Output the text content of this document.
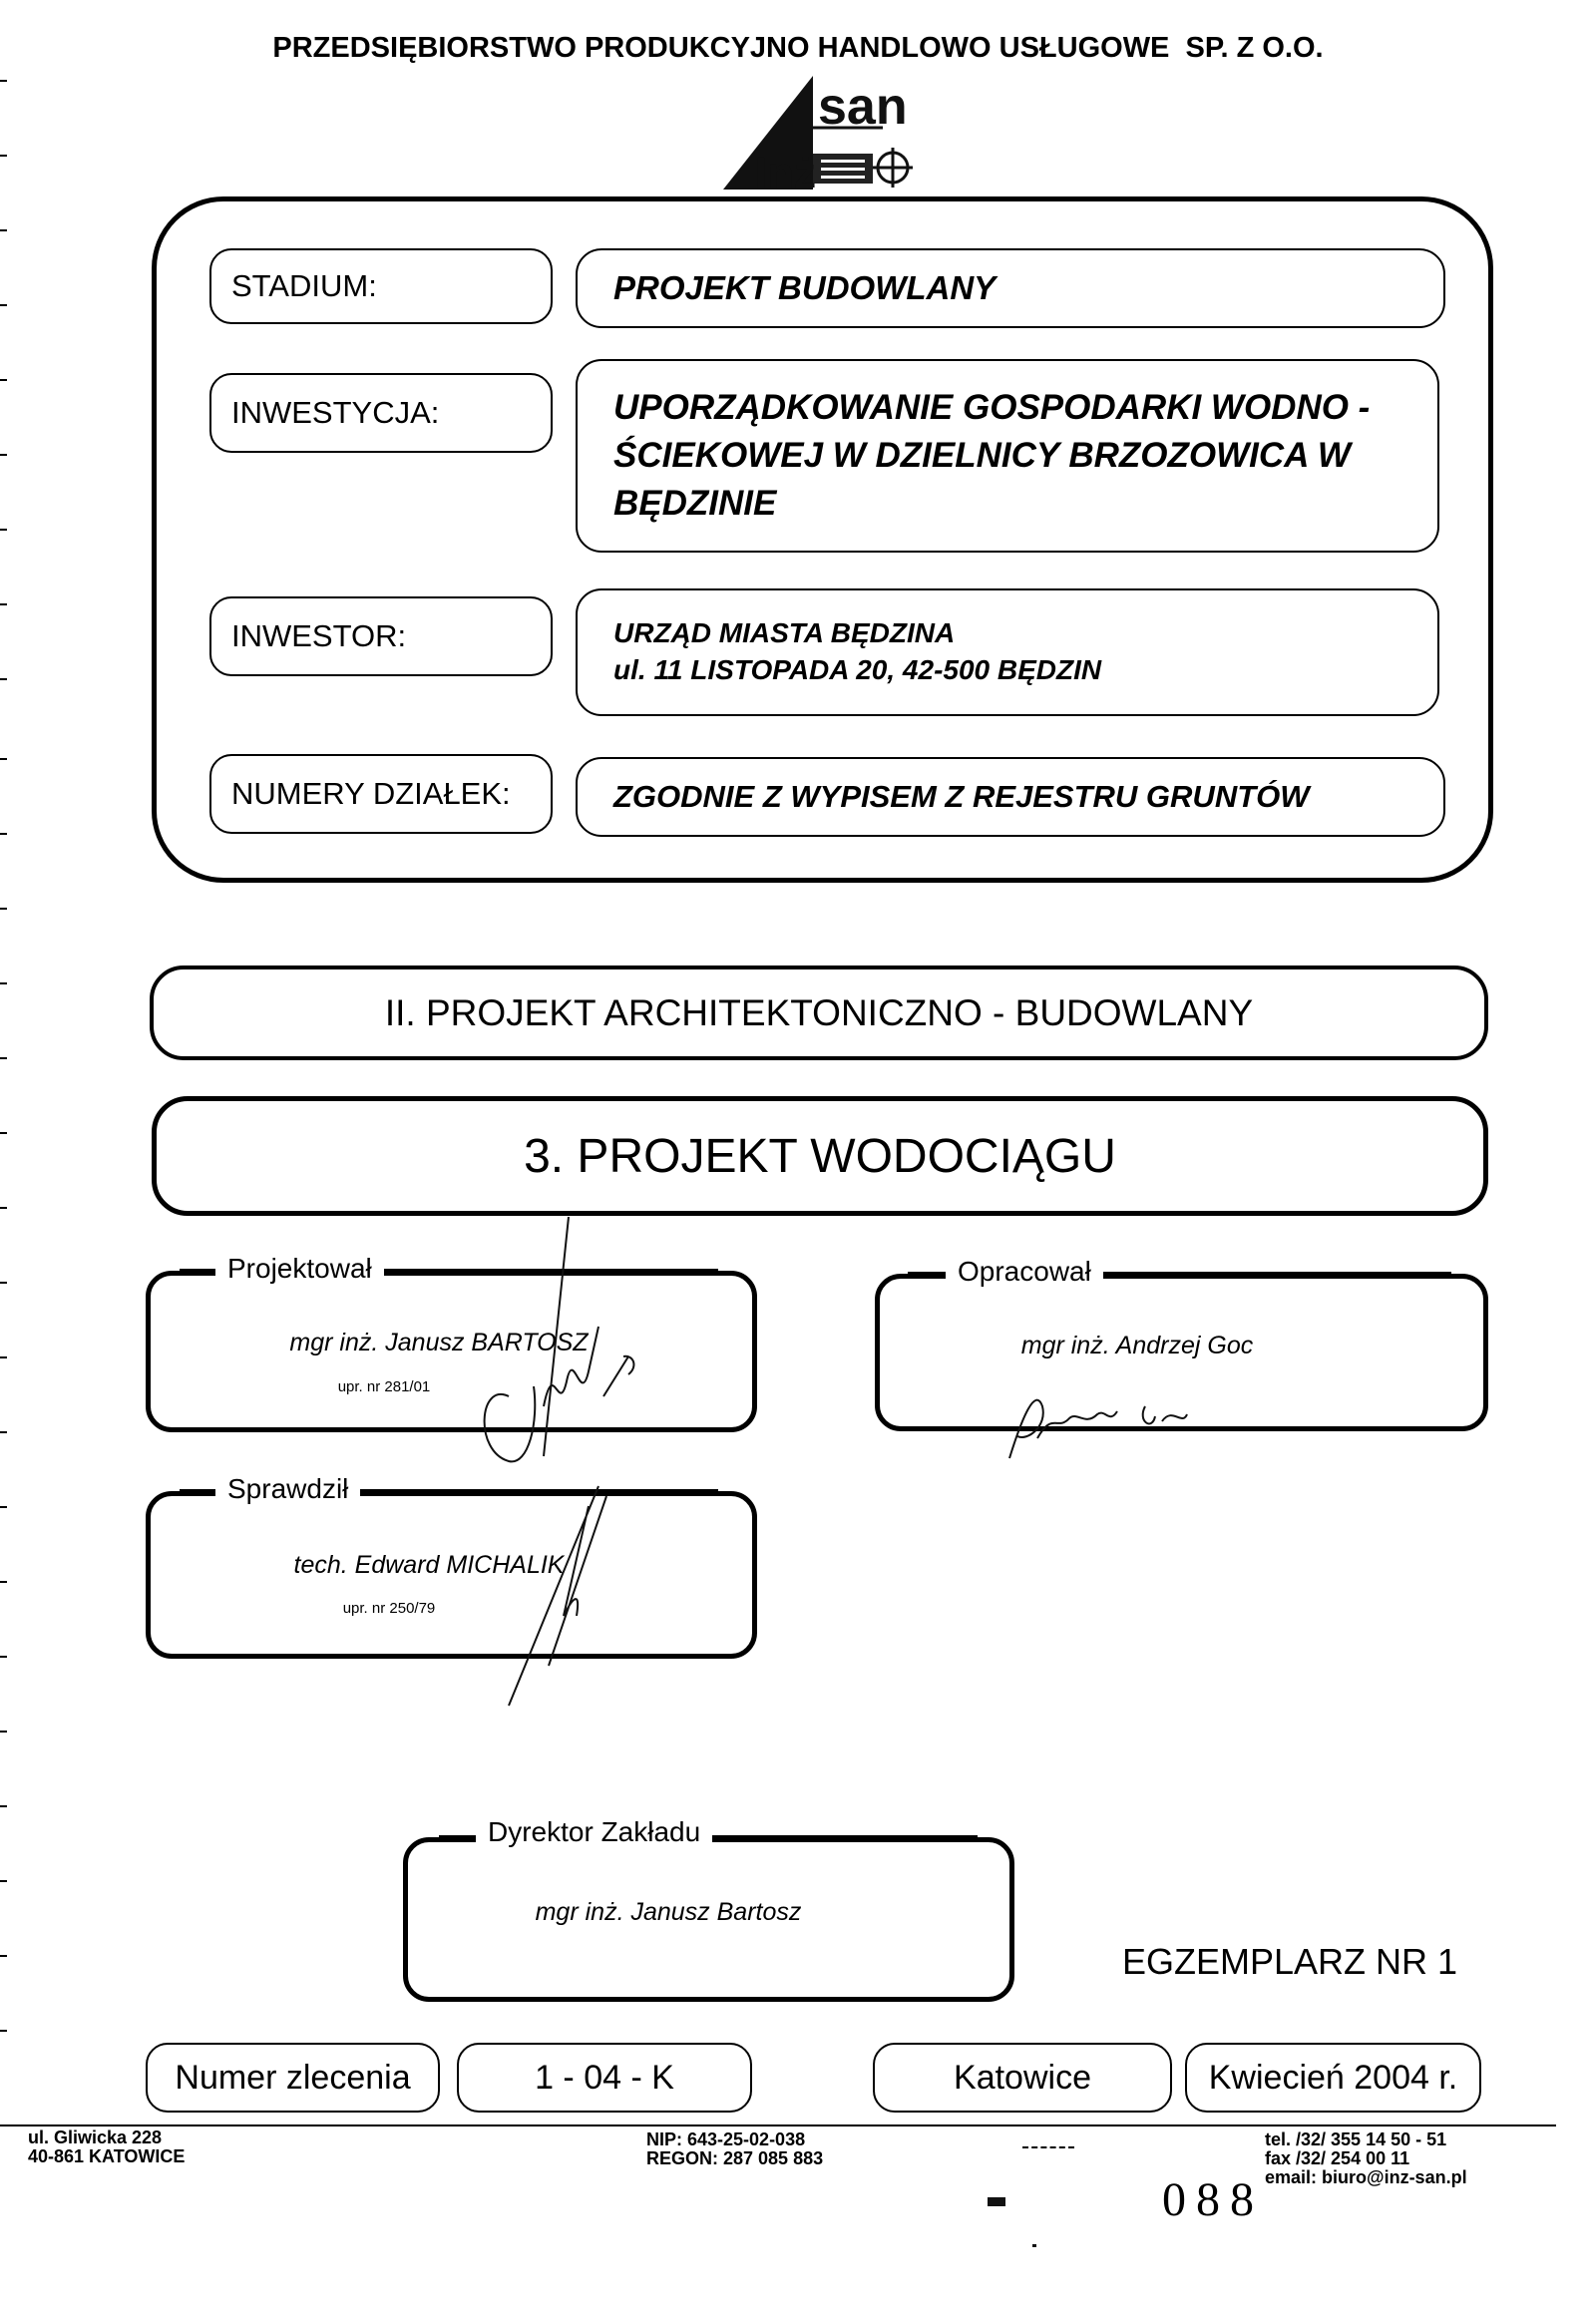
PRZEDSIĘBIORSTWO PRODUKCYJNO HANDLOWO USŁUGOWE  SP. Z O.O.
san
Inż
STADIUM:	PROJEKT BUDOWLANY
INWESTYCJA:	UPORZĄDKOWANIE GOSPODARKI WODNO -
ŚCIEKOWEJ W DZIELNICY BRZOZOWICA W
BĘDZINIE
INWESTOR:	URZĄD MIASTA BĘDZINA
ul. 11 LISTOPADA 20, 42-500 BĘDZIN
NUMERY DZIAŁEK:	ZGODNIE Z WYPISEM Z REJESTRU GRUNTÓW
II. PROJEKT ARCHITEKTONICZNO - BUDOWLANY
3. PROJEKT WODOCIĄGU
Projektował
mgr inż. Janusz BARTOSZ
upr. nr 281/01
Opracował
mgr inż. Andrzej Goc
Sprawdził
tech. Edward MICHALIK
upr. nr 250/79
Dyrektor Zakładu
mgr inż. Janusz Bartosz
EGZEMPLARZ NR 1
Numer zlecenia	1 - 04 - K	Katowice	Kwiecień 2004 r.
ul. Gliwicka 228
40-861 KATOWICE
NIP: 643-25-02-038
REGON: 287 085 883
tel. /32/ 355 14 50 - 51
fax /32/ 254 00 11
email: biuro@inz-san.pl
088
